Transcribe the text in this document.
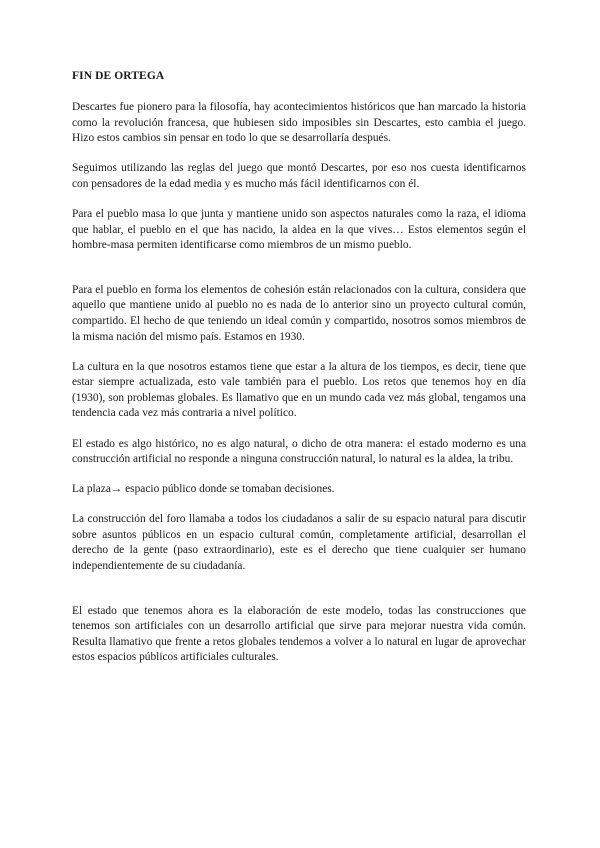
FIN DE ORTEGA

Descartes fue pionero para la filosofía, hay acontecimientos históricos que han marcado la historia como la revolución francesa, que hubiesen sido imposibles sin Descartes, esto cambia el juego. Hizo estos cambios sin pensar en todo lo que se desarrollaría después.

Seguimos utilizando las reglas del juego que montó Descartes, por eso nos cuesta identificarnos con pensadores de la edad media y es mucho más fácil identificarnos con él.

Para el pueblo masa lo que junta y mantiene unido son aspectos naturales como la raza, el idioma que hablar, el pueblo en el que has nacido, la aldea en la que vives… Estos elementos según el hombre-masa permiten identificarse como miembros de un mismo pueblo.

Para el pueblo en forma los elementos de cohesión están relacionados con la cultura, considera que aquello que mantiene unido al pueblo no es nada de lo anterior sino un proyecto cultural común, compartido. El hecho de que teniendo un ideal común y compartido, nosotros somos miembros de la misma nación del mismo país. Estamos en 1930.

La cultura en la que nosotros estamos tiene que estar a la altura de los tiempos, es decir, tiene que estar siempre actualizada, esto vale también para el pueblo. Los retos que tenemos hoy en día (1930), son problemas globales. Es llamativo que en un mundo cada vez más global, tengamos una tendencia cada vez más contraria a nivel político.

El estado es algo histórico, no es algo natural, o dicho de otra manera: el estado moderno es una construcción artificial no responde a ninguna construcción natural, lo natural es la aldea, la tribu.

La plaza→ espacio público donde se tomaban decisiones.

La construcción del foro llamaba a todos los ciudadanos a salir de su espacio natural para discutir sobre asuntos públicos en un espacio cultural común, completamente artificial, desarrollan el derecho de la gente (paso extraordinario), este es el derecho que tiene cualquier ser humano independientemente de su ciudadanía.

El estado que tenemos ahora es la elaboración de este modelo, todas las construcciones que tenemos son artificiales con un desarrollo artificial que sirve para mejorar nuestra vida común. Resulta llamativo que frente a retos globales tendemos a volver a lo natural en lugar de aprovechar estos espacios públicos artificiales culturales.
